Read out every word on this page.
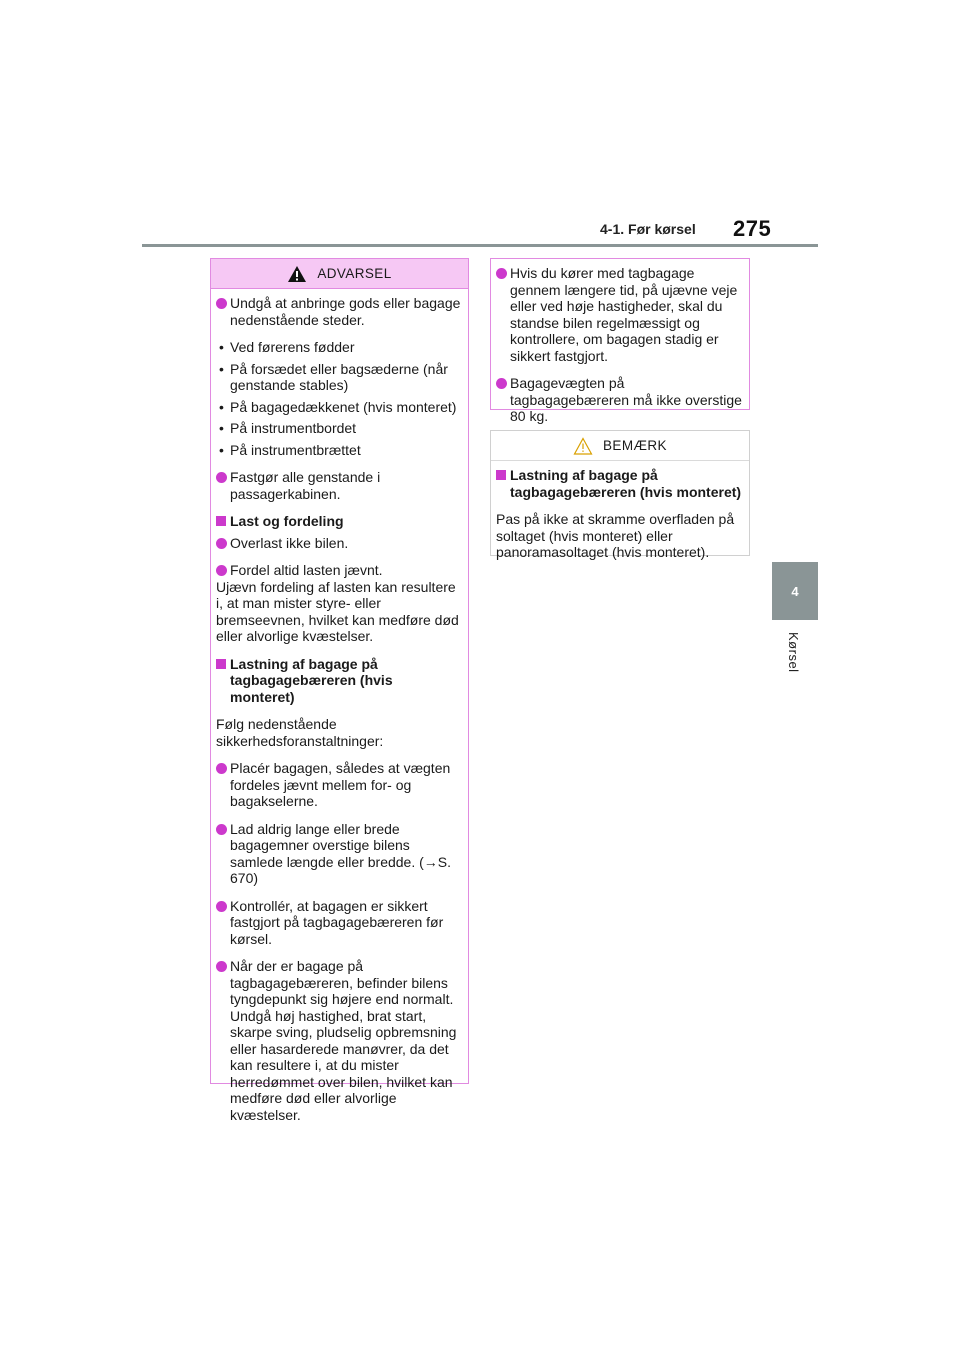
4-1. Før kørsel 275
4
Kørsel
ADVARSEL
Undgå at anbringe gods eller bagage nedenstående steder.
• Ved førerens fødder
• På forsædet eller bagsæderne (når genstande stables)
• På bagagedækkenet (hvis monteret)
• På instrumentbordet
• På instrumentbrættet
Fastgør alle genstande i passagerkabinen.
Last og fordeling
Overlast ikke bilen.
Fordel altid lasten jævnt.
Ujævn fordeling af lasten kan resultere i, at man mister styre- eller bremseevnen, hvilket kan medføre død eller alvorlige kvæstelser.
Lastning af bagage på tagbagagebæreren (hvis monteret)
Følg nedenstående sikkerhedsforanstaltninger:
Placér bagagen, således at vægten fordeles jævnt mellem for- og bagakselerne.
Lad aldrig lange eller brede bagagemner overstige bilens samlede længde eller bredde. (→S. 670)
Kontrollér, at bagagen er sikkert fastgjort på tagbagagebæreren før kørsel.
Når der er bagage på tagbagagebæreren, befinder bilens tyngdepunkt sig højere end normalt. Undgå høj hastighed, brat start, skarpe sving, pludselig opbremsning eller hasarderede manøvrer, da det kan resultere i, at du mister herredømmet over bilen, hvilket kan medføre død eller alvorlige kvæstelser.
Hvis du kører med tagbagage gennem længere tid, på ujævne veje eller ved høje hastigheder, skal du standse bilen regelmæssigt og kontrollere, om bagagen stadig er sikkert fastgjort.
Bagagevægten på tagbagagebæreren må ikke overstige 80 kg.
BEMÆRK
Lastning af bagage på tagbagagebæreren (hvis monteret)
Pas på ikke at skramme overfladen på soltaget (hvis monteret) eller panoramasoltaget (hvis monteret).
